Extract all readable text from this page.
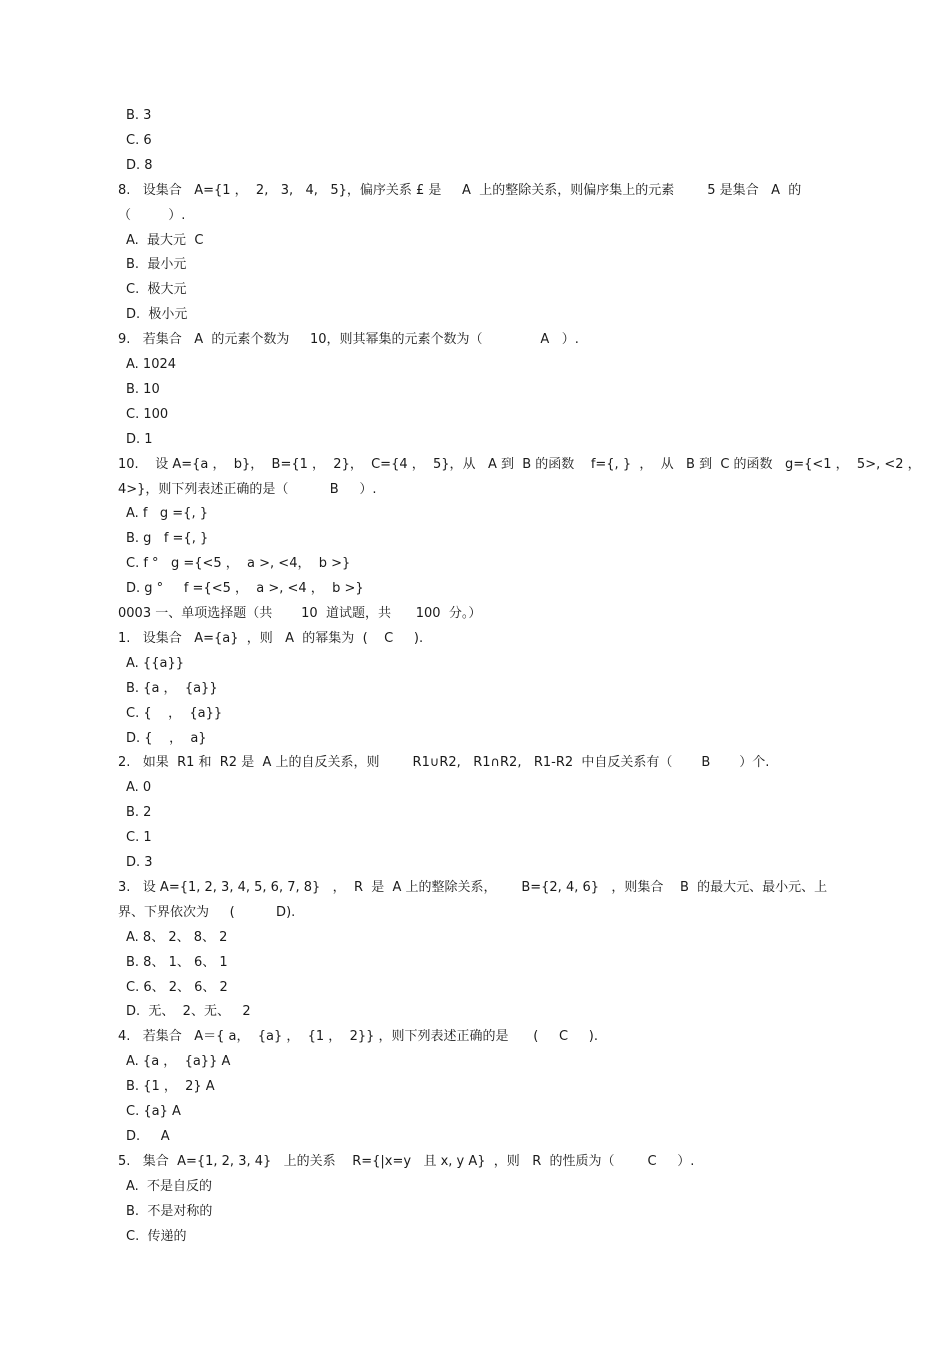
B. 3
C. 6
D. 8
8.   设集合   A={1 ，  2,   3,   4,   5}，偏序关系 £ 是     A  上的整除关系，则偏序集上的元素        5 是集合   A  的
（         ）.
A.  最大元  C
B.  最小元
C.  极大元
D.  极小元
9.   若集合   A  的元素个数为     10，则其幂集的元素个数为（              A   ）.
A. 1024
B. 10
C. 100
D. 1
10.    设 A={a ，  b}，  B={1 ，  2}，  C={4 ，  5}，从   A 到  B 的函数    f={, }  ，  从   B 到  C 的函数   g={<1 ，  5>, <2 ，
4>}，则下列表述正确的是（          B     ）.
A. f   g ={, }
B. g   f ={, }
C. f °   g ={<5 ，  a >, <4，  b >}
D. g °     f ={<5 ，  a >, <4 ，  b >}
0003 一、单项选择题（共       10  道试题，共      100  分。）
1.   设集合   A={a}  ，则   A  的幂集为  (    C     ).
A. {{a}}
B. {a ，  {a}}
C. {    ，  {a}}
D. {    ，  a}
2.   如果  R1 和  R2 是  A 上的自反关系，则        R1∪R2,   R1∩R2,   R1-R2  中自反关系有（       B       ）个.
A. 0
B. 2
C. 1
D. 3
3.   设 A={1, 2, 3, 4, 5, 6, 7, 8}   ，  R  是  A 上的整除关系，      B={2, 4, 6}   ，则集合    B  的最大元、最小元、上
界、下界依次为     (          D).
A. 8、 2、 8、 2
B. 8、 1、 6、 1
C. 6、 2、 6、 2
D.  无、  2、无、   2
4.   若集合   A＝{ a，  {a} ，  {1 ，  2}} ，则下列表述正确的是      (     C     ).
A. {a ，  {a}} A
B. {1 ，  2} A
C. {a} A
D.     A
5.   集合  A={1, 2, 3, 4}   上的关系    R={|x=y   且 x, y A}  ，则   R  的性质为（        C     ）.
A.  不是自反的
B.  不是对称的
C.  传递的
